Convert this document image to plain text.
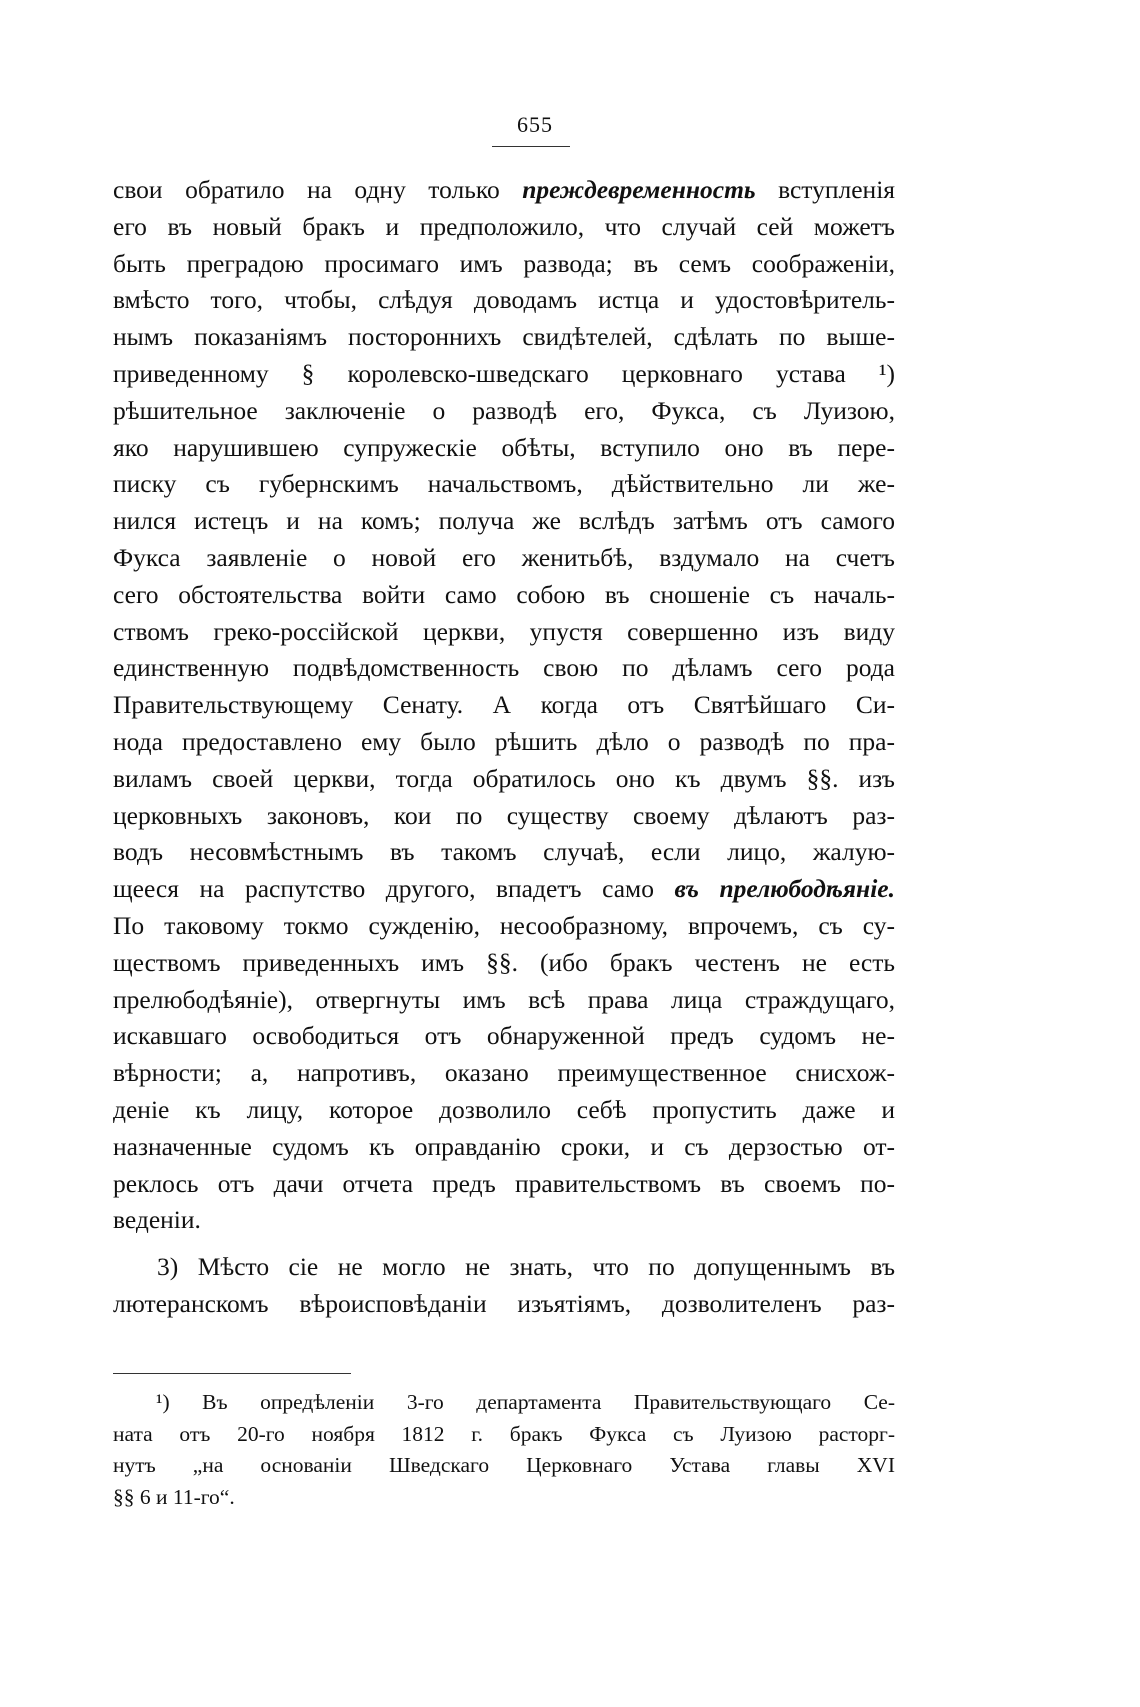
655
свои обратило на одну только преждевременность вступленія
его въ новый бракъ и предположило, что случай сей можетъ
быть преградою просимаго имъ развода; въ семъ соображеніи,
вмѣсто того, чтобы, слѣдуя доводамъ истца и удостовѣритель-
нымъ показаніямъ постороннихъ свидѣтелей, сдѣлать по выше-
приведенному § королевско-шведскаго церковнаго устава ¹)
рѣшительное заключеніе о разводѣ его, Фукса, съ Луизою,
яко нарушившею супружескіе обѣты, вступило оно въ пере-
писку съ губернскимъ начальствомъ, дѣйствительно ли же-
нился истецъ и на комъ; получа же вслѣдъ затѣмъ отъ самого
Фукса заявленіе о новой его женитьбѣ, вздумало на счетъ
сего обстоятельства войти само собою въ сношеніе съ началь-
ствомъ греко-россійской церкви, упустя совершенно изъ виду
единственную подвѣдомственность свою по дѣламъ сего рода
Правительствующему Сенату. А когда отъ Святѣйшаго Си-
нода предоставлено ему было рѣшить дѣло о разводѣ по пра-
виламъ своей церкви, тогда обратилось оно къ двумъ §§. изъ
церковныхъ законовъ, кои по существу своему дѣлаютъ раз-
водъ несовмѣстнымъ въ такомъ случаѣ, если лицо, жалую-
щееся на распутство другого, впадетъ само въ прелюбодѣяніе.
По таковому токмо сужденію, несообразному, впрочемъ, съ су-
ществомъ приведенныхъ имъ §§. (ибо бракъ честенъ не есть
прелюбодѣяніе), отвергнуты имъ всѣ права лица страждущаго,
искавшаго освободиться отъ обнаруженной предъ судомъ не-
вѣрности; а, напротивъ, оказано преимущественное снисхож-
деніе къ лицу, которое дозволило себѣ пропустить даже и
назначенные судомъ къ оправданію сроки, и съ дерзостью от-
реклось отъ дачи отчета предъ правительствомъ въ своемъ по-
веденіи.
3) Мѣсто сіе не могло не знать, что по допущеннымъ въ
лютеранскомъ вѣроисповѣданіи изъятіямъ, дозволителенъ раз-
¹) Въ опредѣленіи 3-го департамента Правительствующаго Се-
ната отъ 20-го ноября 1812 г. бракъ Фукса съ Луизою расторг-
нутъ „на основаніи Шведскаго Церковнаго Устава главы XVI
§§ 6 и 11-го“.
